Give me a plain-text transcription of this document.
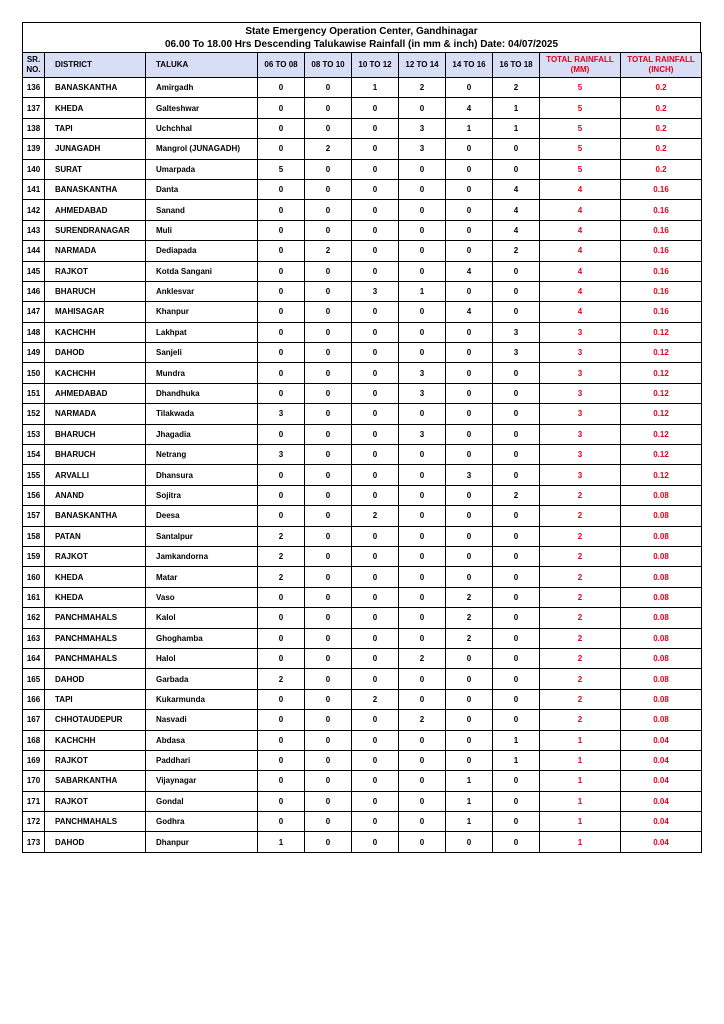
State Emergency Operation Center, Gandhinagar
06.00 To 18.00 Hrs Descending Talukawise Rainfall (in mm & inch) Date: 04/07/2025
SR. NO.	DISTRICT	TALUKA	06 TO 08	08 TO 10	10 TO 12	12 TO 14	14 TO 16	16 TO 18	TOTAL RAINFALL (MM)	TOTAL RAINFALL (INCH)
136	BANASKANTHA	Amirgadh	0	0	1	2	0	2	5	0.2
137	KHEDA	Galteshwar	0	0	0	0	4	1	5	0.2
138	TAPI	Uchchhal	0	0	0	3	1	1	5	0.2
139	JUNAGADH	Mangrol (JUNAGADH)	0	2	0	3	0	0	5	0.2
140	SURAT	Umarpada	5	0	0	0	0	0	5	0.2
141	BANASKANTHA	Danta	0	0	0	0	0	4	4	0.16
142	AHMEDABAD	Sanand	0	0	0	0	0	4	4	0.16
143	SURENDRANAGAR	Muli	0	0	0	0	0	4	4	0.16
144	NARMADA	Dediapada	0	2	0	0	0	2	4	0.16
145	RAJKOT	Kotda Sangani	0	0	0	0	4	0	4	0.16
146	BHARUCH	Anklesvar	0	0	3	1	0	0	4	0.16
147	MAHISAGAR	Khanpur	0	0	0	0	4	0	4	0.16
148	KACHCHH	Lakhpat	0	0	0	0	0	3	3	0.12
149	DAHOD	Sanjeli	0	0	0	0	0	3	3	0.12
150	KACHCHH	Mundra	0	0	0	3	0	0	3	0.12
151	AHMEDABAD	Dhandhuka	0	0	0	3	0	0	3	0.12
152	NARMADA	Tilakwada	3	0	0	0	0	0	3	0.12
153	BHARUCH	Jhagadia	0	0	0	3	0	0	3	0.12
154	BHARUCH	Netrang	3	0	0	0	0	0	3	0.12
155	ARVALLI	Dhansura	0	0	0	0	3	0	3	0.12
156	ANAND	Sojitra	0	0	0	0	0	2	2	0.08
157	BANASKANTHA	Deesa	0	0	2	0	0	0	2	0.08
158	PATAN	Santalpur	2	0	0	0	0	0	2	0.08
159	RAJKOT	Jamkandorna	2	0	0	0	0	0	2	0.08
160	KHEDA	Matar	2	0	0	0	0	0	2	0.08
161	KHEDA	Vaso	0	0	0	0	2	0	2	0.08
162	PANCHMAHALS	Kalol	0	0	0	0	2	0	2	0.08
163	PANCHMAHALS	Ghoghamba	0	0	0	0	2	0	2	0.08
164	PANCHMAHALS	Halol	0	0	0	2	0	0	2	0.08
165	DAHOD	Garbada	2	0	0	0	0	0	2	0.08
166	TAPI	Kukarmunda	0	0	2	0	0	0	2	0.08
167	CHHOTAUDEPUR	Nasvadi	0	0	0	2	0	0	2	0.08
168	KACHCHH	Abdasa	0	0	0	0	0	1	1	0.04
169	RAJKOT	Paddhari	0	0	0	0	0	1	1	0.04
170	SABARKANTHA	Vijaynagar	0	0	0	0	1	0	1	0.04
171	RAJKOT	Gondal	0	0	0	0	1	0	1	0.04
172	PANCHMAHALS	Godhra	0	0	0	0	1	0	1	0.04
173	DAHOD	Dhanpur	1	0	0	0	0	0	1	0.04
